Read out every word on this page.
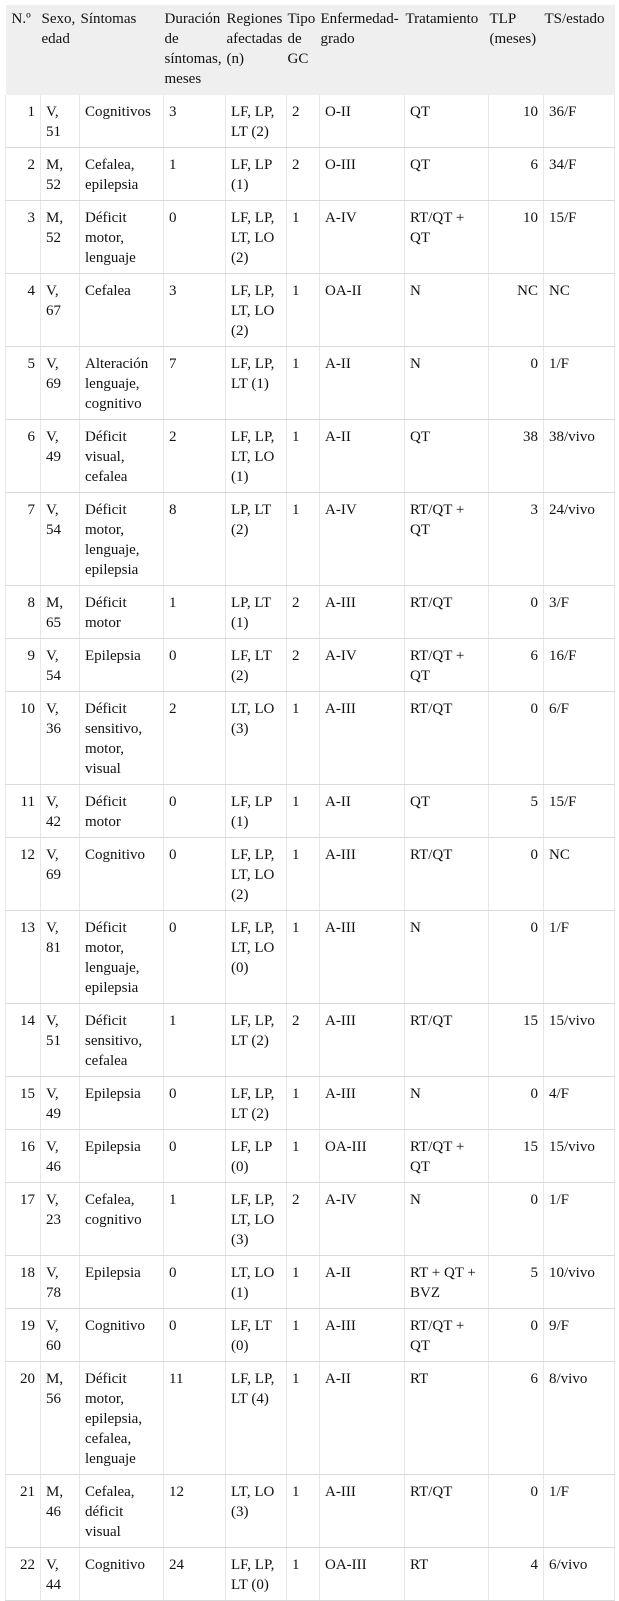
N.º	Sexo, edad	Síntomas	Duración de síntomas, meses	Regiones afectadas (n)	Tipo de GC	Enfermedad-grado	Tratamiento	TLP (meses)	TS/estado
1	V, 51	Cognitivos	3	LF, LP, LT (2)	2	O-II	QT	10	36/F
2	M, 52	Cefalea, epilepsia	1	LF, LP (1)	2	O-III	QT	6	34/F
3	M, 52	Déficit motor, lenguaje	0	LF, LP, LT, LO (2)	1	A-IV	RT/QT + QT	10	15/F
4	V, 67	Cefalea	3	LF, LP, LT, LO (2)	1	OA-II	N	NC	NC
5	V, 69	Alteración lenguaje, cognitivo	7	LF, LP, LT (1)	1	A-II	N	0	1/F
6	V, 49	Déficit visual, cefalea	2	LF, LP, LT, LO (1)	1	A-II	QT	38	38/vivo
7	V, 54	Déficit motor, lenguaje, epilepsia	8	LP, LT (2)	1	A-IV	RT/QT + QT	3	24/vivo
8	M, 65	Déficit motor	1	LP, LT (1)	2	A-III	RT/QT	0	3/F
9	V, 54	Epilepsia	0	LF, LT (2)	2	A-IV	RT/QT + QT	6	16/F
10	V, 36	Déficit sensitivo, motor, visual	2	LT, LO (3)	1	A-III	RT/QT	0	6/F
11	V, 42	Déficit motor	0	LF, LP (1)	1	A-II	QT	5	15/F
12	V, 69	Cognitivo	0	LF, LP, LT, LO (2)	1	A-III	RT/QT	0	NC
13	V, 81	Déficit motor, lenguaje, epilepsia	0	LF, LP, LT, LO (0)	1	A-III	N	0	1/F
14	V, 51	Déficit sensitivo, cefalea	1	LF, LP, LT (2)	2	A-III	RT/QT	15	15/vivo
15	V, 49	Epilepsia	0	LF, LP, LT (2)	1	A-III	N	0	4/F
16	V, 46	Epilepsia	0	LF, LP (0)	1	OA-III	RT/QT + QT	15	15/vivo
17	V, 23	Cefalea, cognitivo	1	LF, LP, LT, LO (3)	2	A-IV	N	0	1/F
18	V, 78	Epilepsia	0	LT, LO (1)	1	A-II	RT + QT + BVZ	5	10/vivo
19	V, 60	Cognitivo	0	LF, LT (0)	1	A-III	RT/QT + QT	0	9/F
20	M, 56	Déficit motor, epilepsia, cefalea, lenguaje	11	LF, LP, LT (4)	1	A-II	RT	6	8/vivo
21	M, 46	Cefalea, déficit visual	12	LT, LO (3)	1	A-III	RT/QT	0	1/F
22	V, 44	Cognitivo	24	LF, LP, LT (0)	1	OA-III	RT	4	6/vivo
